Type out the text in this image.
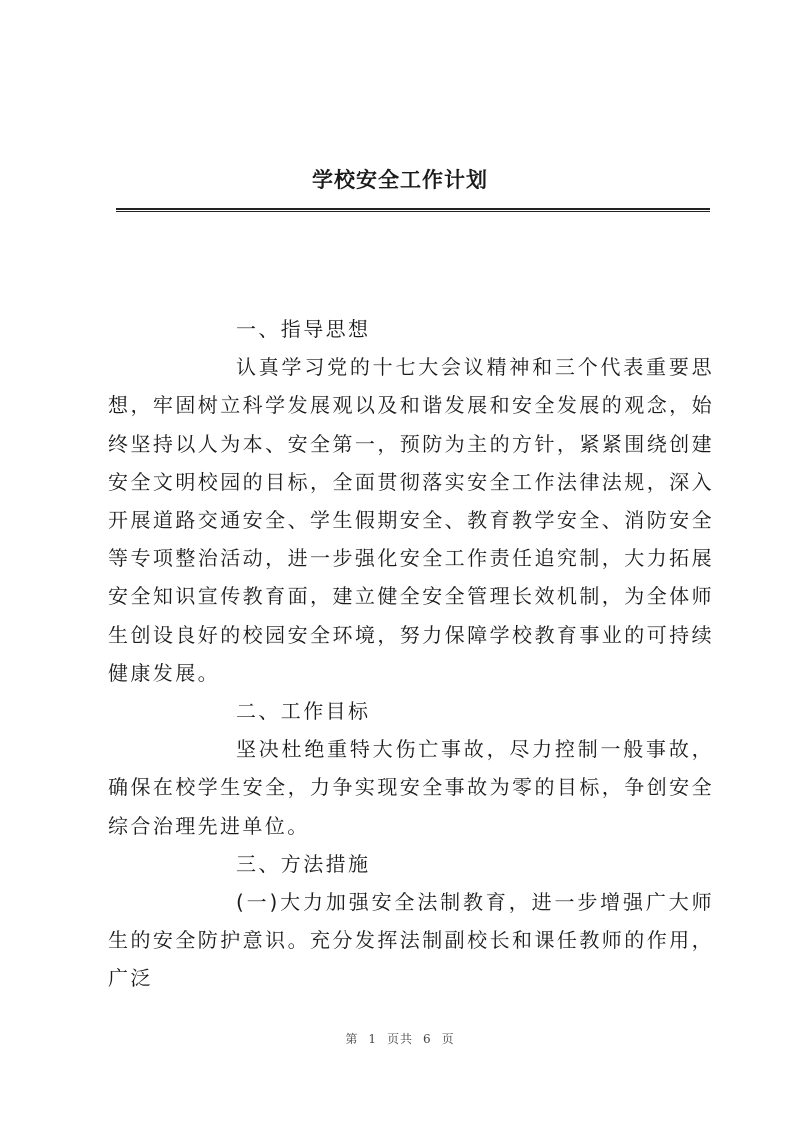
学校安全工作计划

一、指导思想

认真学习党的十七大会议精神和三个代表重要思想，牢固树立科学发展观以及和谐发展和安全发展的观念，始终坚持以人为本、安全第一，预防为主的方针，紧紧围绕创建安全文明校园的目标，全面贯彻落实安全工作法律法规，深入开展道路交通安全、学生假期安全、教育教学安全、消防安全等专项整治活动，进一步强化安全工作责任追究制，大力拓展安全知识宣传教育面，建立健全安全管理长效机制，为全体师生创设良好的校园安全环境，努力保障学校教育事业的可持续健康发展。

二、工作目标

坚决杜绝重特大伤亡事故，尽力控制一般事故，确保在校学生安全，力争实现安全事故为零的目标，争创安全综合治理先进单位。

三、方法措施

(一)大力加强安全法制教育，进一步增强广大师生的安全防护意识。充分发挥法制副校长和课任教师的作用，广泛

第 1 页共 6 页
